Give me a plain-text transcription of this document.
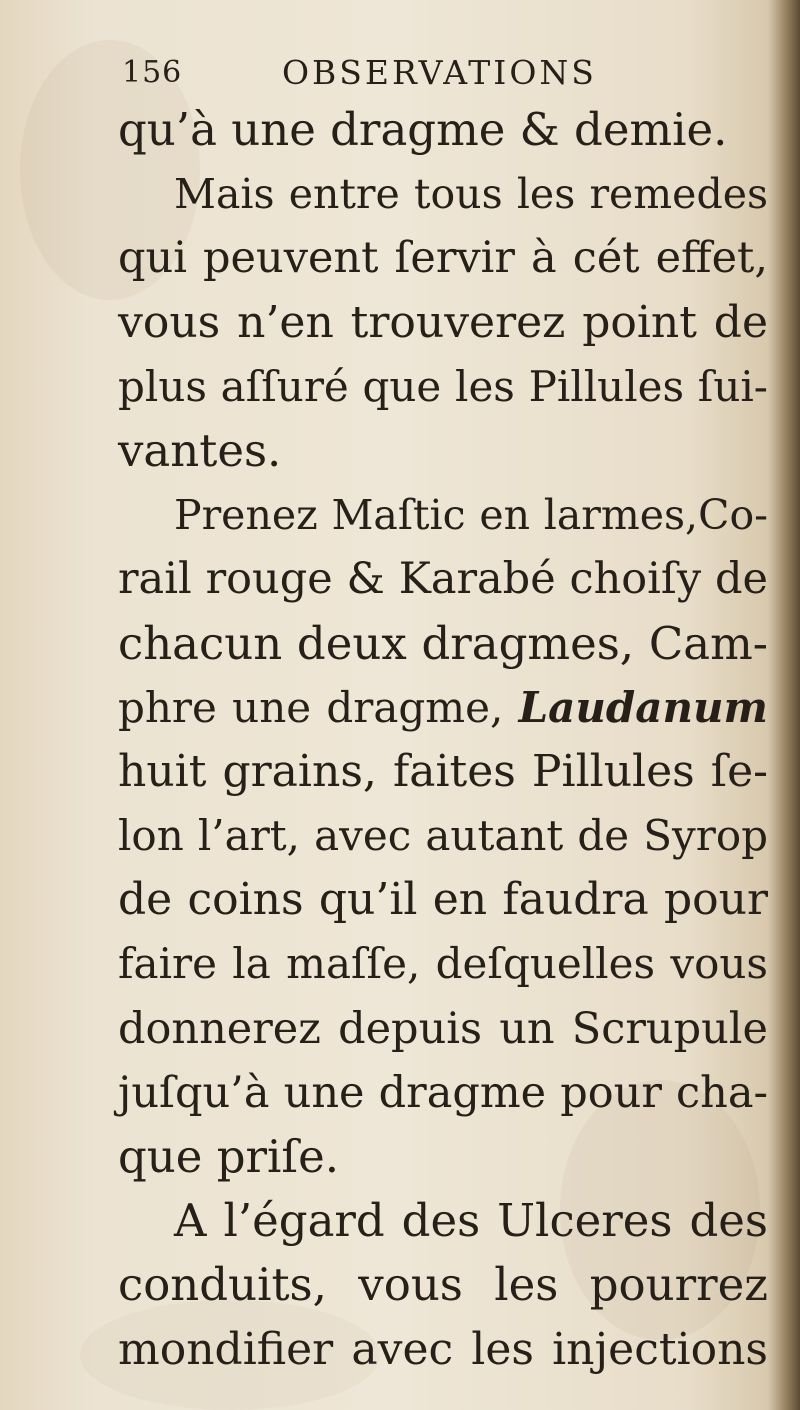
156	OBSERVATIONS
qu’à une dragme & demie.
Mais entre tous les remedes
qui peuvent ſervir à cét effet,
vous n’en trouverez point de
plus aſſuré que les Pillules ſui-
vantes.
Prenez Maſtic en larmes,Co-
rail rouge & Karabé choiſy de
chacun deux dragmes, Cam-
phre une dragme, Laudanum
huit grains, faites Pillules ſe-
lon l’art, avec autant de Syrop
de coins qu’il en faudra pour
faire la maſſe, deſquelles vous
donnerez depuis un Scrupule
juſqu’à une dragme pour cha-
que priſe.
A l’égard des Ulceres des
conduits, vous les pourrez
mondifier avec les injections
